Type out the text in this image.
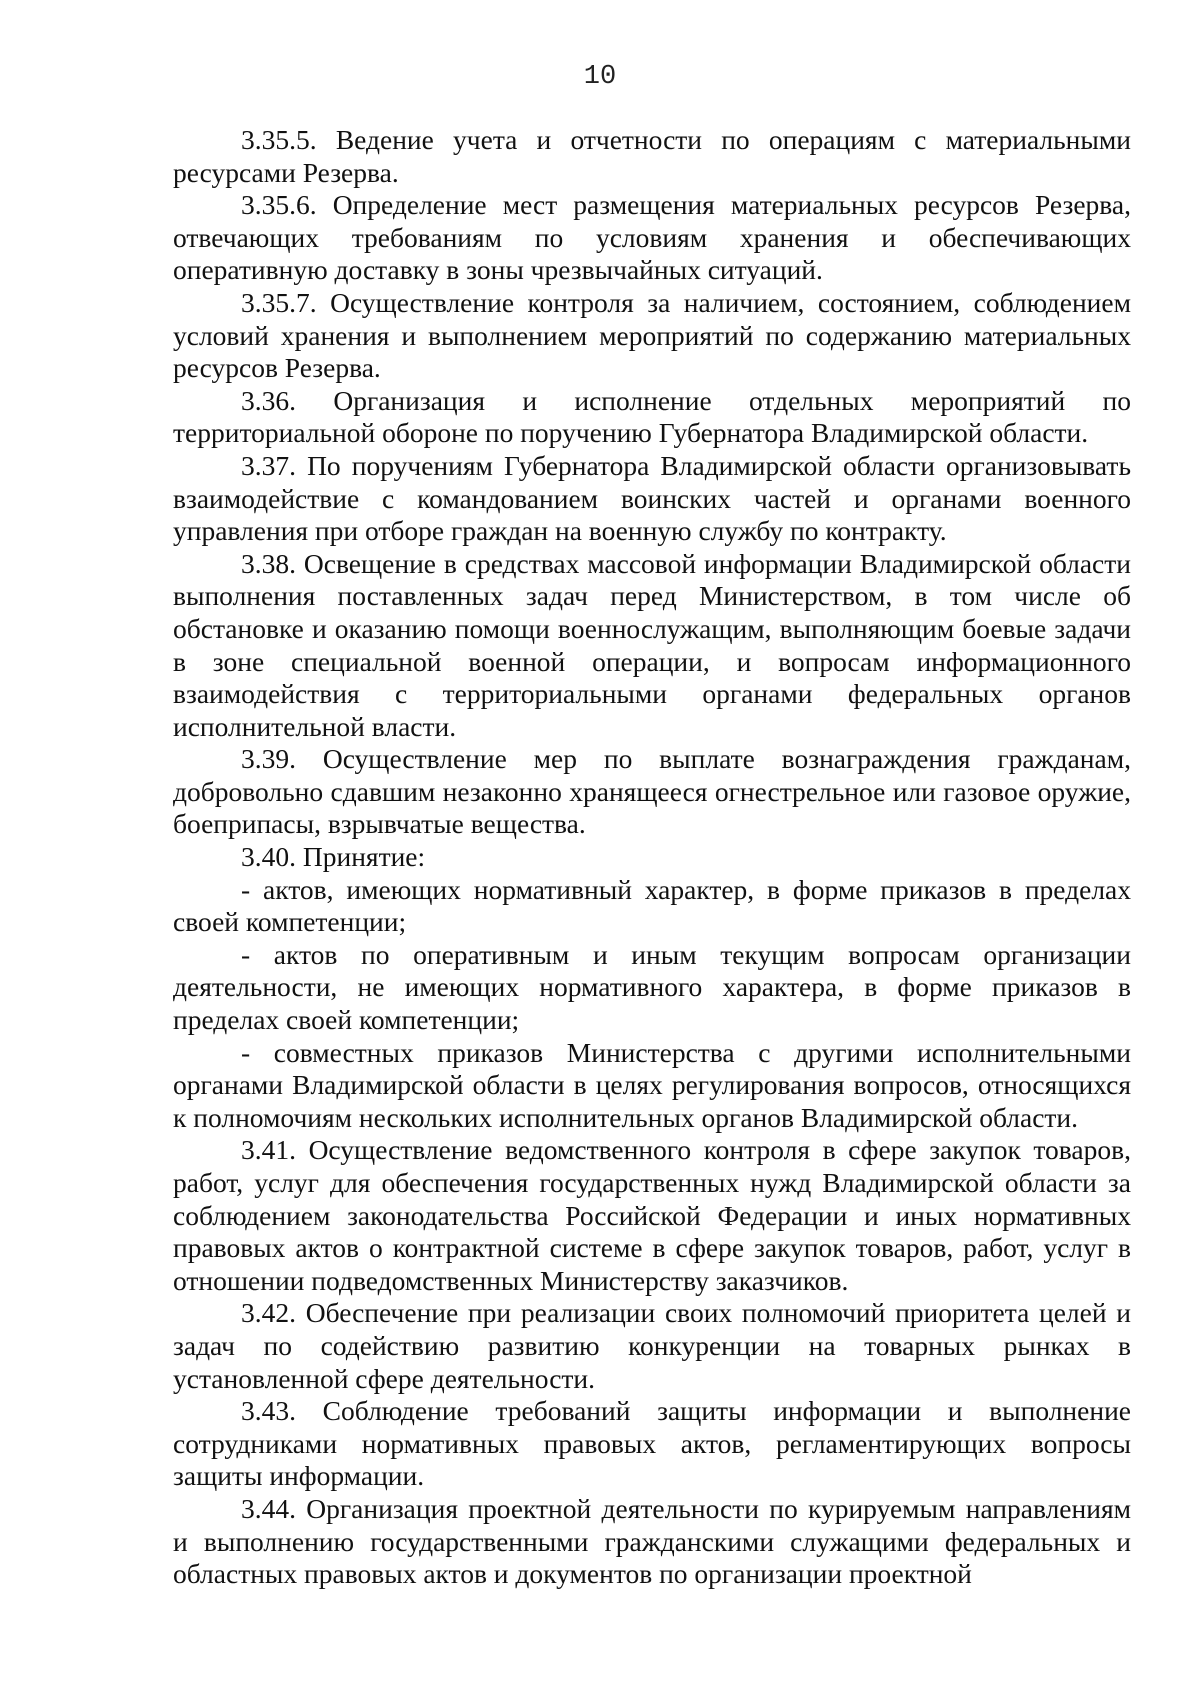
10

3.35.5. Ведение учета и отчетности по операциям с материальными ресурсами Резерва.

3.35.6. Определение мест размещения материальных ресурсов Резерва, отвечающих требованиям по условиям хранения и обеспечивающих оперативную доставку в зоны чрезвычайных ситуаций.

3.35.7. Осуществление контроля за наличием, состоянием, соблюдением условий хранения и выполнением мероприятий по содержанию материальных ресурсов Резерва.

3.36. Организация и исполнение отдельных мероприятий по территориальной обороне по поручению Губернатора Владимирской области.

3.37. По поручениям Губернатора Владимирской области организовывать взаимодействие с командованием воинских частей и органами военного управления при отборе граждан на военную службу по контракту.

3.38. Освещение в средствах массовой информации Владимирской области выполнения поставленных задач перед Министерством, в том числе об обстановке и оказанию помощи военнослужащим, выполняющим боевые задачи в зоне специальной военной операции, и вопросам информационного взаимодействия с территориальными органами федеральных органов исполнительной власти.

3.39. Осуществление мер по выплате вознаграждения гражданам, добровольно сдавшим незаконно хранящееся огнестрельное или газовое оружие, боеприпасы, взрывчатые вещества.

3.40. Принятие:

- актов, имеющих нормативный характер, в форме приказов в пределах своей компетенции;

- актов по оперативным и иным текущим вопросам организации деятельности, не имеющих нормативного характера, в форме приказов в пределах своей компетенции;

- совместных приказов Министерства с другими исполнительными органами Владимирской области в целях регулирования вопросов, относящихся к полномочиям нескольких исполнительных органов Владимирской области.

3.41. Осуществление ведомственного контроля в сфере закупок товаров, работ, услуг для обеспечения государственных нужд Владимирской области за соблюдением законодательства Российской Федерации и иных нормативных правовых актов о контрактной системе в сфере закупок товаров, работ, услуг в отношении подведомственных Министерству заказчиков.

3.42. Обеспечение при реализации своих полномочий приоритета целей и задач по содействию развитию конкуренции на товарных рынках в установленной сфере деятельности.

3.43. Соблюдение требований защиты информации и выполнение сотрудниками нормативных правовых актов, регламентирующих вопросы защиты информации.

3.44. Организация проектной деятельности по курируемым направлениям и выполнению государственными гражданскими служащими федеральных и областных правовых актов и документов по организации проектной
